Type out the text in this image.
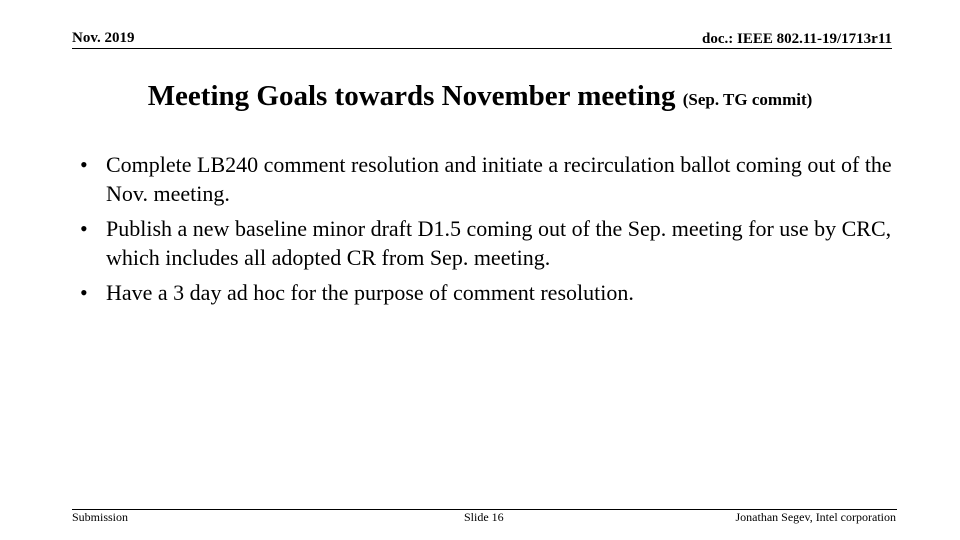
Nov. 2019	doc.: IEEE 802.11-19/1713r11
Meeting Goals towards November meeting (Sep. TG commit)
• Complete LB240 comment resolution and initiate a recirculation ballot coming out of the Nov. meeting.
• Publish a new baseline minor draft D1.5 coming out of the Sep. meeting for use by CRC, which includes all adopted CR from Sep. meeting.
• Have a 3 day ad hoc for the purpose of comment resolution.
Submission	Slide 16	Jonathan Segev, Intel corporation
